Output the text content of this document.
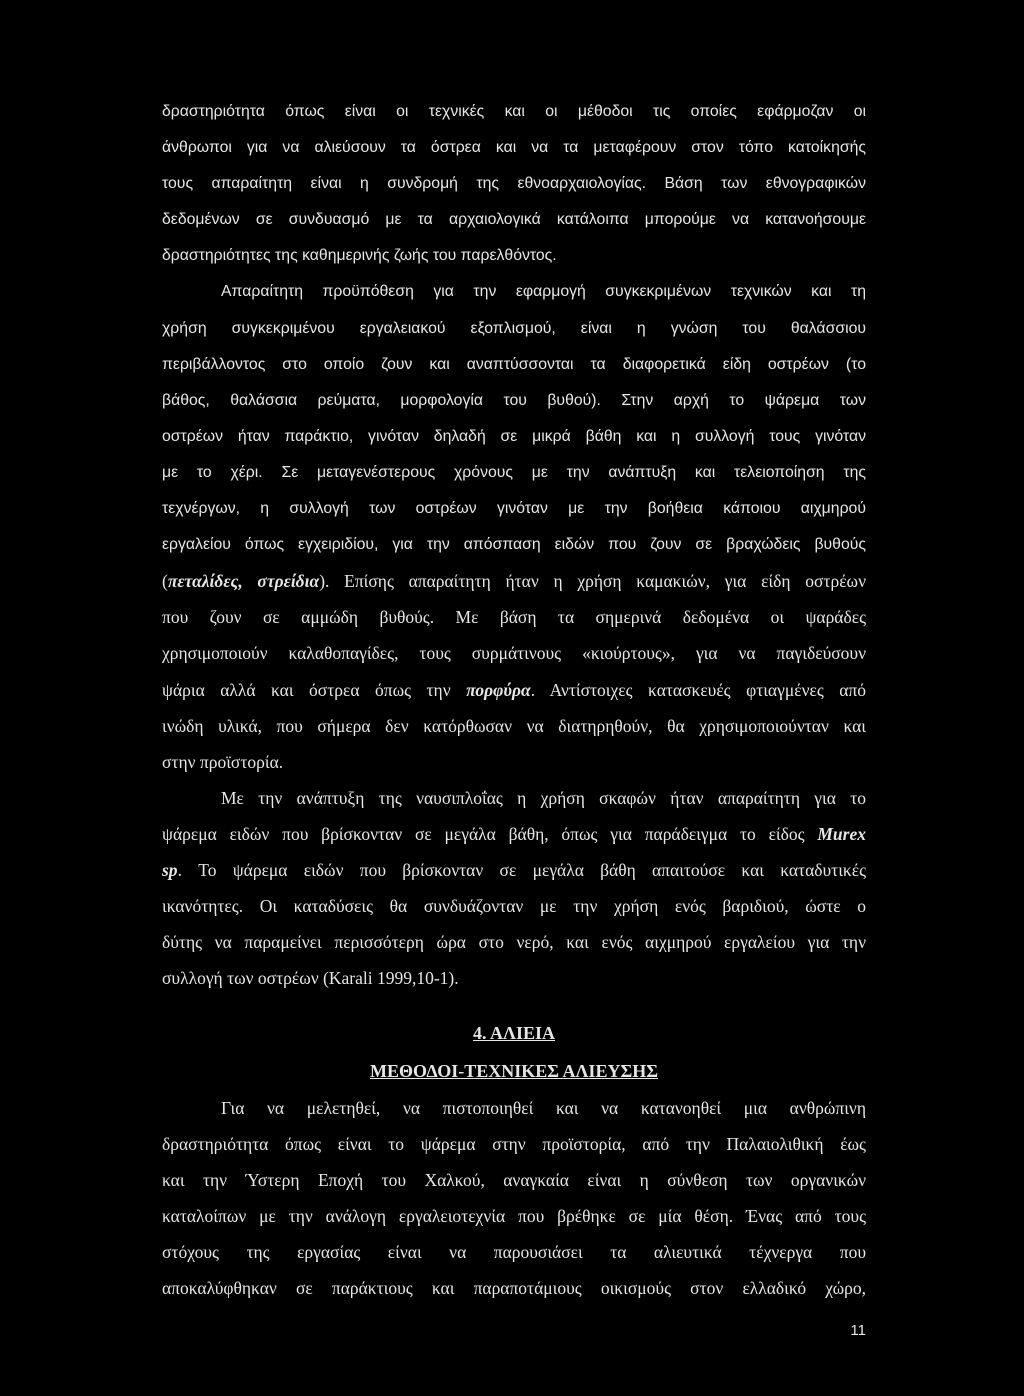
δραστηριότητα όπως είναι οι τεχνικές και οι μέθοδοι τις οποίες εφάρμοζαν οι
άνθρωποι για να αλιεύσουν τα όστρεα και να τα μεταφέρουν στον τόπο κατοίκησής
τους απαραίτητη είναι η συνδρομή της εθνοαρχαιολογίας. Βάση των εθνογραφικών
δεδομένων σε συνδυασμό με τα αρχαιολογικά κατάλοιπα μπορούμε να κατανοήσουμε
δραστηριότητες της καθημερινής ζωής του παρελθόντος.
Απαραίτητη προϋπόθεση για την εφαρμογή συγκεκριμένων τεχνικών και τη
χρήση συγκεκριμένου εργαλειακού εξοπλισμού, είναι η γνώση του θαλάσσιου
περιβάλλοντος στο οποίο ζουν και αναπτύσσονται τα διαφορετικά είδη οστρέων (το
βάθος, θαλάσσια ρεύματα, μορφολογία του βυθού). Στην αρχή το ψάρεμα των
οστρέων ήταν παράκτιο, γινόταν δηλαδή σε μικρά βάθη και η συλλογή τους γινόταν
με το χέρι. Σε μεταγενέστερους χρόνους με την ανάπτυξη και τελειοποίηση της
τεχνέργων, η συλλογή των οστρέων γινόταν με την βοήθεια κάποιου αιχμηρού
εργαλείου όπως εγχειριδίου, για την απόσπαση ειδών που ζουν σε βραχώδεις βυθούς
(πεταλίδες, στρείδια). Επίσης απαραίτητη ήταν η χρήση καμακιών, για είδη οστρέων
που ζουν σε αμμώδη βυθούς. Με βάση τα σημερινά δεδομένα οι ψαράδες
χρησιμοποιούν καλαθοπαγίδες, τους συρμάτινους «κιούρτους», για να παγιδεύσουν
ψάρια αλλά και όστρεα όπως την πορφύρα. Αντίστοιχες κατασκευές φτιαγμένες από
ινώδη υλικά, που σήμερα δεν κατόρθωσαν να διατηρηθούν, θα χρησιμοποιούνταν και
στην προϊστορία.
Με την ανάπτυξη της ναυσιπλοΐας η χρήση σκαφών ήταν απαραίτητη για το
ψάρεμα ειδών που βρίσκονταν σε μεγάλα βάθη, όπως για παράδειγμα το είδος Murex
sp. Το ψάρεμα ειδών που βρίσκονταν σε μεγάλα βάθη απαιτούσε και καταδυτικές
ικανότητες. Οι καταδύσεις θα συνδυάζονταν με την χρήση ενός βαριδιού, ώστε ο
δύτης να παραμείνει περισσότερη ώρα στο νερό, και ενός αιχμηρού εργαλείου για την
συλλογή των οστρέων (Karali 1999,10-1).
4. ΑΛΙΕΙΑ
ΜΕΘΟΔΟΙ-ΤΕΧΝΙΚΕΣ ΑΛΙΕΥΣΗΣ
Για να μελετηθεί, να πιστοποιηθεί και να κατανοηθεί μια ανθρώπινη
δραστηριότητα όπως είναι το ψάρεμα στην προϊστορία, από την Παλαιολιθική έως
και την Ύστερη Εποχή του Χαλκού, αναγκαία είναι η σύνθεση των οργανικών
καταλοίπων με την ανάλογη εργαλειοτεχνία που βρέθηκε σε μία θέση. Ένας από τους
στόχους της εργασίας είναι να παρουσιάσει τα αλιευτικά τέχνεργα που
αποκαλύφθηκαν σε παράκτιους και παραποτάμιους οικισμούς στον ελλαδικό χώρο,
11
